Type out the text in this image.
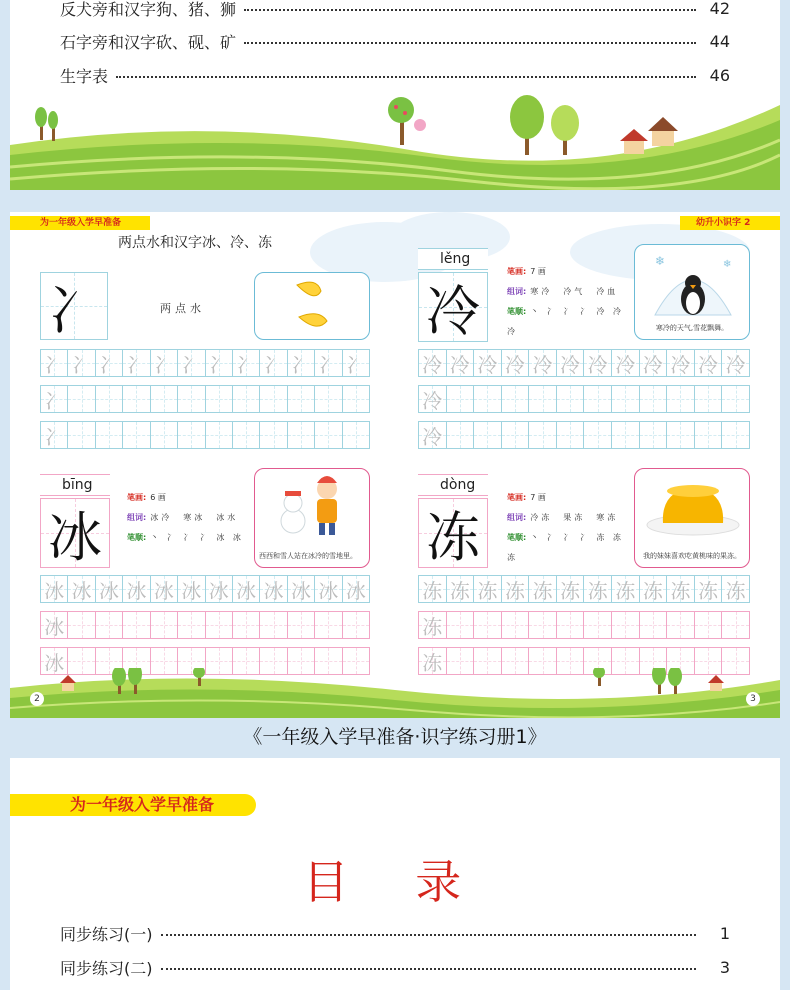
反犬旁和汉字狗、猪、狮	42
石字旁和汉字砍、砚、矿	44
生字表	46
为一年级入学早准备	幼升小识字 2
两点水和汉字冰、冷、冻
冫	两点水
lěng
冷
笔画: 7 画
组词: 寒冷　冷气　冷血
笔顺: 丶 冫 冫 冫 冷 冷 冷
❄	❄
寒冷的天气,雪花飘舞。
冫 冫 冫 冫 冫 冫 冫 冫 冫 冫 冫 冫
冫
冫
冷 冷 冷 冷 冷 冷 冷 冷 冷 冷 冷 冷
冷
冷
bīng
冰
笔画: 6 画
组词: 冰冷　寒冰　冰水
笔顺: 丶 冫 冫 冫 冰 冰
西西和雪人站在冰冷的雪地里。
dòng
冻
笔画: 7 画
组词: 冷冻　果冻　寒冻
笔顺: 丶 冫 冫 冫 冻 冻 冻	我的妹妹喜欢吃黄桃味的果冻。
冰 冰 冰 冰 冰 冰 冰 冰 冰 冰 冰 冰
冰
冰
冻 冻 冻 冻 冻 冻 冻 冻 冻 冻 冻 冻
冻
冻
2	3
《一年级入学早准备·识字练习册1》
为一年级入学早准备
目 录
同步练习(一)	1
同步练习(二)	3
